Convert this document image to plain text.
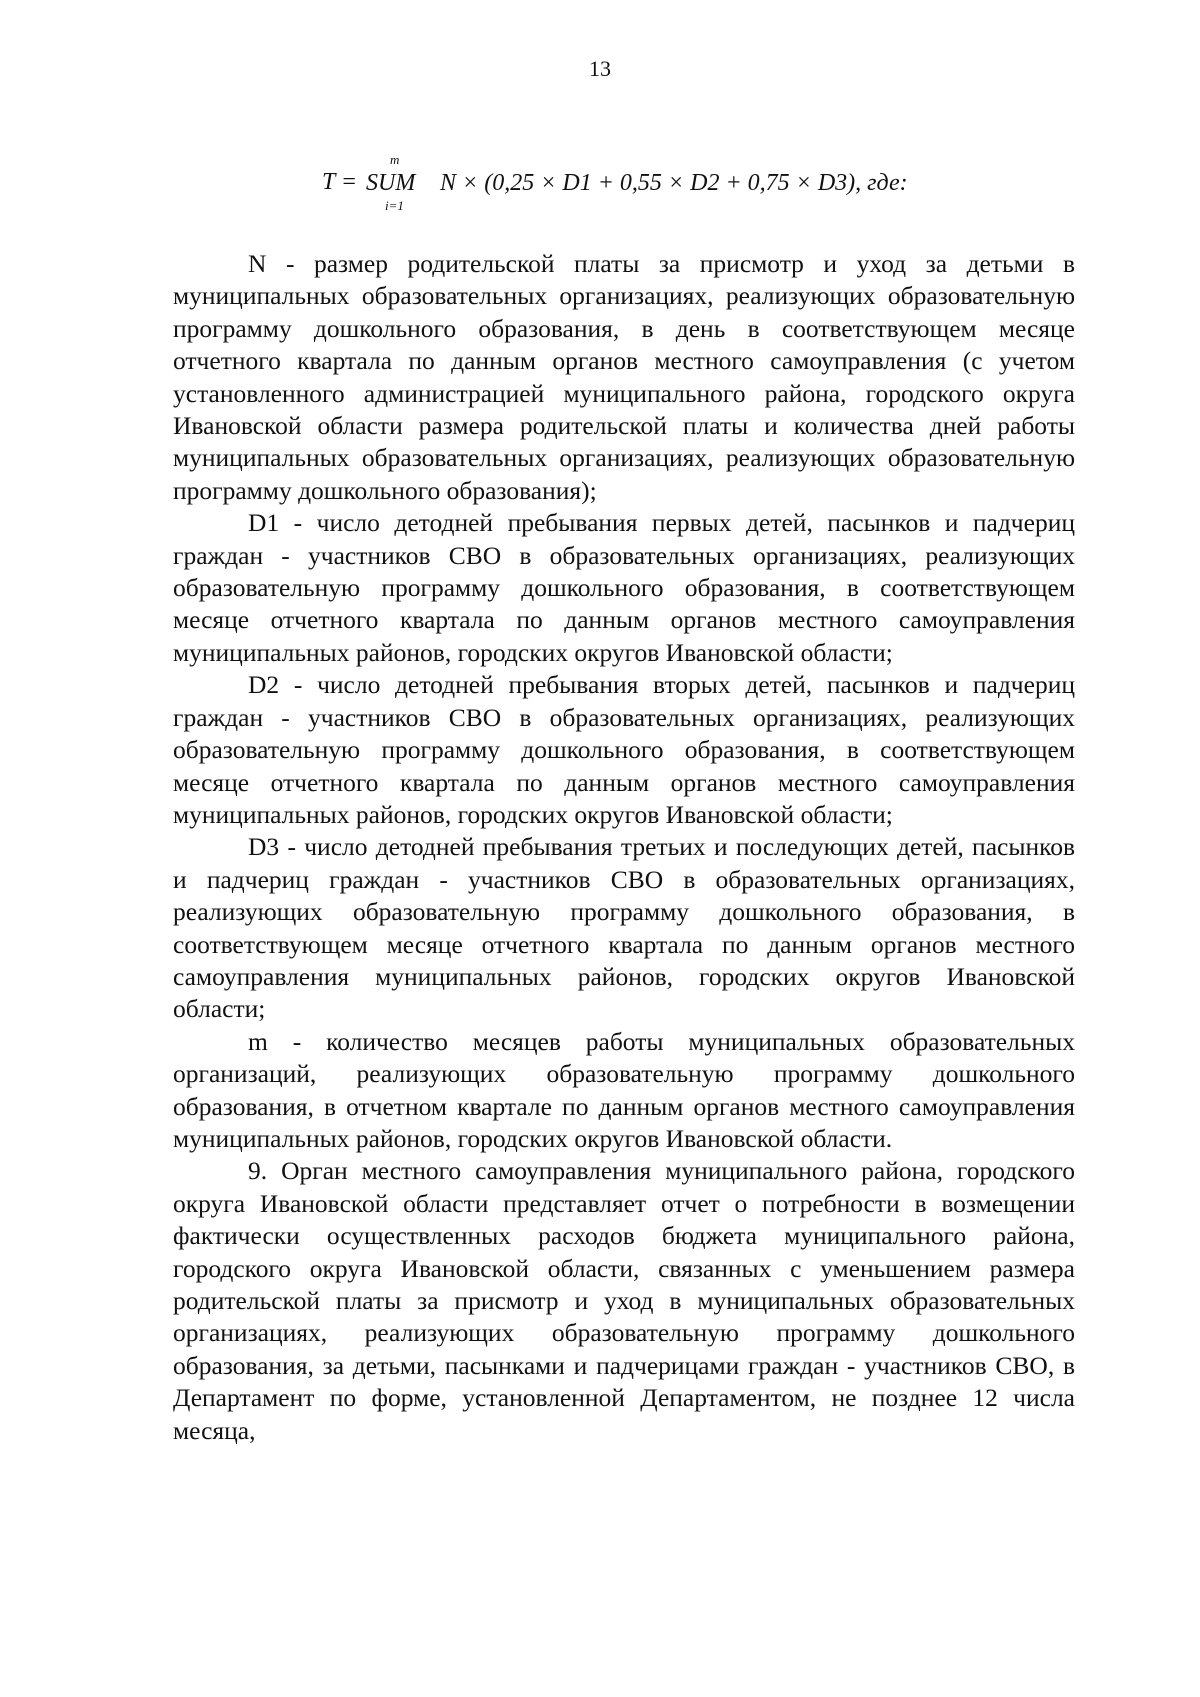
13
T =
m
SUM
i=1
N × (0,25 × D1 + 0,55 × D2 + 0,75 × D3), где:

N - размер родительской платы за присмотр и уход за детьми в муниципальных образовательных организациях, реализующих образовательную программу дошкольного образования, в день в соответствующем месяце отчетного квартала по данным органов местного самоуправления (с учетом установленного администрацией муниципального района, городского округа Ивановской области размера родительской платы и количества дней работы муниципальных образовательных организациях, реализующих образовательную программу дошкольного образования);

D1 - число детодней пребывания первых детей, пасынков и падчериц граждан - участников СВО в образовательных организациях, реализующих образовательную программу дошкольного образования, в соответствующем месяце отчетного квартала по данным органов местного самоуправления муниципальных районов, городских округов Ивановской области;

D2 - число детодней пребывания вторых детей, пасынков и падчериц граждан - участников СВО в образовательных организациях, реализующих образовательную программу дошкольного образования, в соответствующем месяце отчетного квартала по данным органов местного самоуправления муниципальных районов, городских округов Ивановской области;

D3 - число детодней пребывания третьих и последующих детей, пасынков и падчериц граждан - участников СВО в образовательных организациях, реализующих образовательную программу дошкольного образования, в соответствующем месяце отчетного квартала по данным органов местного самоуправления муниципальных районов, городских округов Ивановской области;

m - количество месяцев работы муниципальных образовательных организаций, реализующих образовательную программу дошкольного образования, в отчетном квартале по данным органов местного самоуправления муниципальных районов, городских округов Ивановской области.

9. Орган местного самоуправления муниципального района, городского округа Ивановской области представляет отчет о потребности в возмещении фактически осуществленных расходов бюджета муниципального района, городского округа Ивановской области, связанных с уменьшением размера родительской платы за присмотр и уход в муниципальных образовательных организациях, реализующих образовательную программу дошкольного образования, за детьми, пасынками и падчерицами граждан - участников СВО, в Департамент по форме, установленной Департаментом, не позднее 12 числа месяца,
